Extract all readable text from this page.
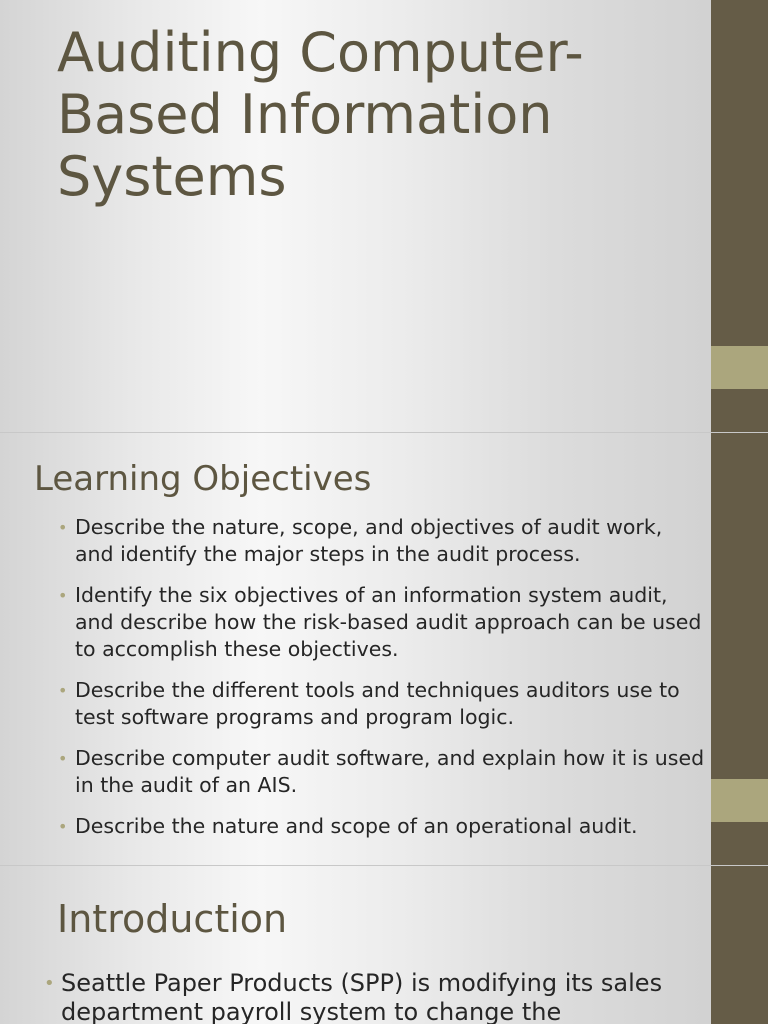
Auditing Computer-Based Information Systems
Learning Objectives
• Describe the nature, scope, and objectives of audit work, and identify the major steps in the audit process.
• Identify the six objectives of an information system audit, and describe how the risk-based audit approach can be used to accomplish these objectives.
• Describe the different tools and techniques auditors use to test software programs and program logic.
• Describe computer audit software, and explain how it is used in the audit of an AIS.
• Describe the nature and scope of an operational audit.
Introduction
• Seattle Paper Products (SPP) is modifying its sales department payroll system to change the
